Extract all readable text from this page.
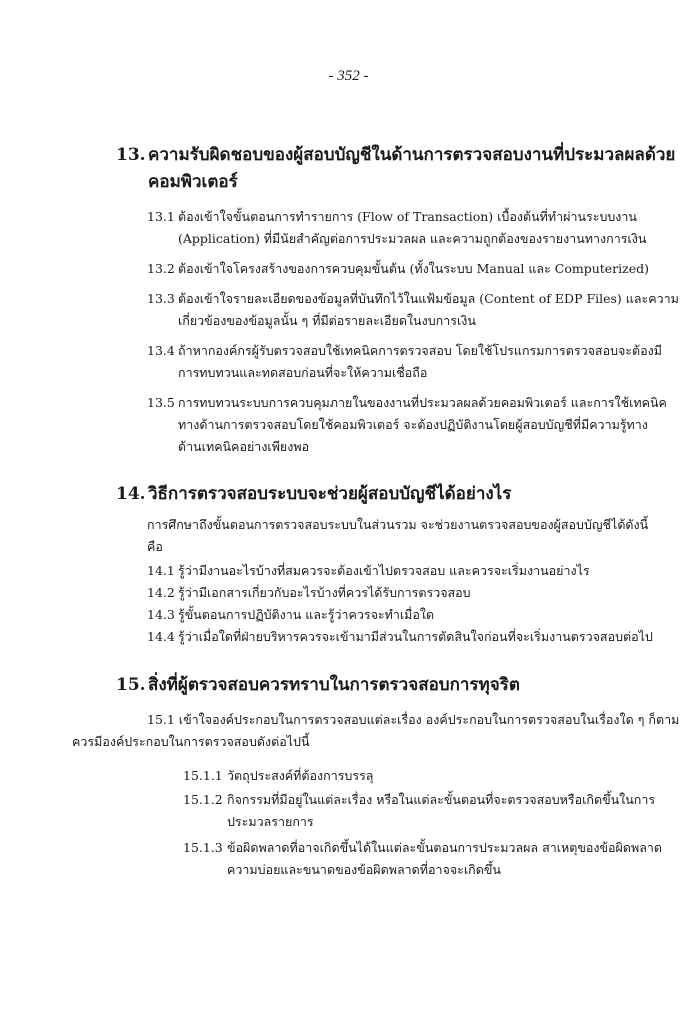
- 352 -
13. ความรับผิดชอบของผู้สอบบัญชีในด้านการตรวจสอบงานที่ประมวลผลด้วย
คอมพิวเตอร์
13.1 ต้องเข้าใจขั้นตอนการทำรายการ (Flow of Transaction) เบื้องต้นที่ทำผ่านระบบงาน
(Application) ที่มีนัยสำคัญต่อการประมวลผล และความถูกต้องของรายงานทางการเงิน
13.2 ต้องเข้าใจโครงสร้างของการควบคุมขั้นต้น (ทั้งในระบบ Manual และ Computerized)
13.3 ต้องเข้าใจรายละเอียดของข้อมูลที่บันทึกไว้ในแฟ้มข้อมูล (Content of EDP Files) และความ
เกี่ยวข้องของข้อมูลนั้น ๆ ที่มีต่อรายละเอียดในงบการเงิน
13.4 ถ้าหากองค์กรผู้รับตรวจสอบใช้เทคนิคการตรวจสอบ โดยใช้โปรแกรมการตรวจสอบจะต้องมี
การทบทวนและทดสอบก่อนที่จะให้ความเชื่อถือ
13.5 การทบทวนระบบการควบคุมภายในของงานที่ประมวลผลด้วยคอมพิวเตอร์ และการใช้เทคนิค
ทางด้านการตรวจสอบโดยใช้คอมพิวเตอร์ จะต้องปฏิบัติงานโดยผู้สอบบัญชีที่มีความรู้ทาง
ด้านเทคนิคอย่างเพียงพอ
14. วิธีการตรวจสอบระบบจะช่วยผู้สอบบัญชีได้อย่างไร
การศึกษาถึงขั้นตอนการตรวจสอบระบบในส่วนรวม จะช่วยงานตรวจสอบของผู้สอบบัญชีได้ดังนี้
คือ
14.1 รู้ว่ามีงานอะไรบ้างที่สมควรจะต้องเข้าไปตรวจสอบ และควรจะเริ่มงานอย่างไร
14.2 รู้ว่ามีเอกสารเกี่ยวกับอะไรบ้างที่ควรได้รับการตรวจสอบ
14.3 รู้ขั้นตอนการปฏิบัติงาน และรู้ว่าควรจะทำเมื่อใด
14.4 รู้ว่าเมื่อใดที่ฝ่ายบริหารควรจะเข้ามามีส่วนในการตัดสินใจก่อนที่จะเริ่มงานตรวจสอบต่อไป
15. สิ่งที่ผู้ตรวจสอบควรทราบในการตรวจสอบการทุจริต
15.1 เข้าใจองค์ประกอบในการตรวจสอบแต่ละเรื่อง องค์ประกอบในการตรวจสอบในเรื่องใด ๆ ก็ตาม
ควรมีองค์ประกอบในการตรวจสอบดังต่อไปนี้
15.1.1 วัตถุประสงค์ที่ต้องการบรรลุ
15.1.2 กิจกรรมที่มีอยู่ในแต่ละเรื่อง หรือในแต่ละขั้นตอนที่จะตรวจสอบหรือเกิดขึ้นในการ
ประมวลรายการ
15.1.3 ข้อผิดพลาดที่อาจเกิดขึ้นได้ในแต่ละขั้นตอนการประมวลผล สาเหตุของข้อผิดพลาด
ความบ่อยและขนาดของข้อผิดพลาดที่อาจจะเกิดขึ้น
